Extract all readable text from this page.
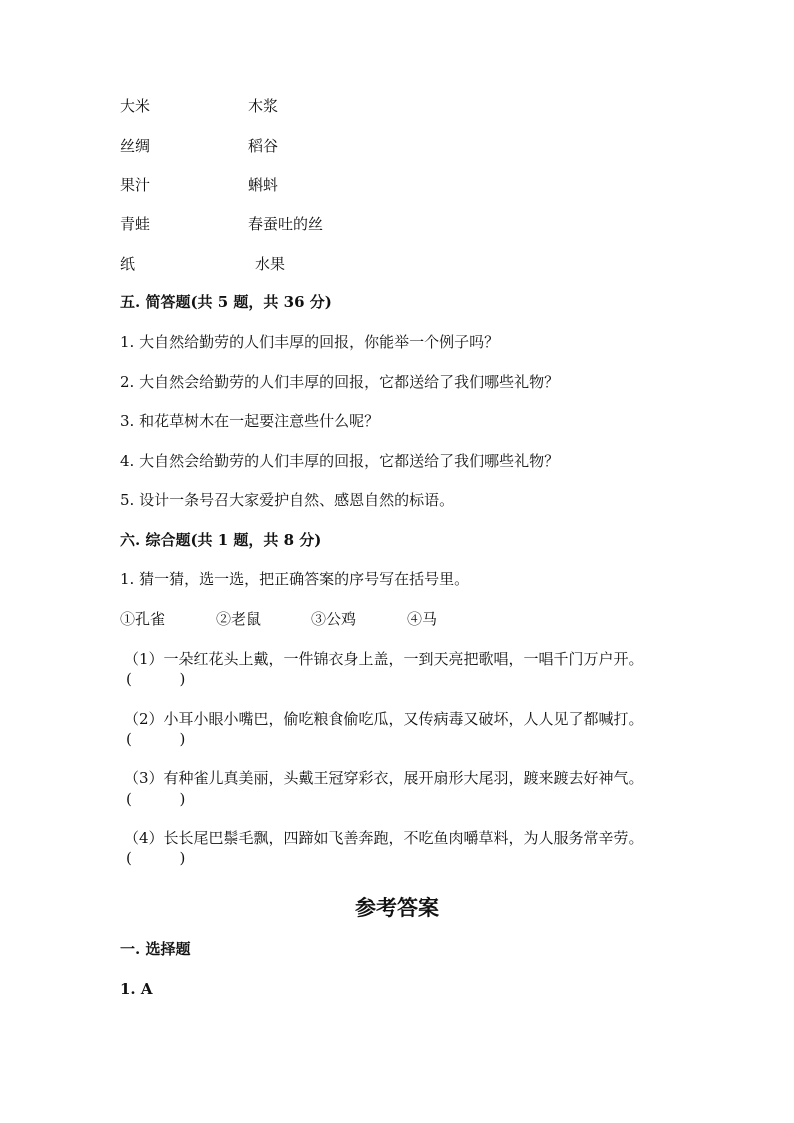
大米	木浆
丝绸	稻谷
果汁	蝌蚪
青蛙	春蚕吐的丝
纸	水果
五. 简答题(共 5 题，共 36 分)
1. 大自然给勤劳的人们丰厚的回报，你能举一个例子吗？
2. 大自然会给勤劳的人们丰厚的回报，它都送给了我们哪些礼物？
3. 和花草树木在一起要注意些什么呢？
4. 大自然会给勤劳的人们丰厚的回报，它都送给了我们哪些礼物？
5. 设计一条号召大家爱护自然、感恩自然的标语。
六. 综合题(共 1 题，共 8 分)
1. 猜一猜，选一选，把正确答案的序号写在括号里。
①孔雀	②老鼠	③公鸡	④马
（1）一朵红花头上戴，一件锦衣身上盖，一到天亮把歌唱，一唱千门万户开。
(          )
（2）小耳小眼小嘴巴，偷吃粮食偷吃瓜，又传病毒又破坏，人人见了都喊打。
(          )
（3）有种雀儿真美丽，头戴王冠穿彩衣，展开扇形大尾羽，踱来踱去好神气。
(          )
（4）长长尾巴鬃毛飘，四蹄如飞善奔跑，不吃鱼肉嚼草料，为人服务常辛劳。
(          )
参考答案
一. 选择题
1. A
